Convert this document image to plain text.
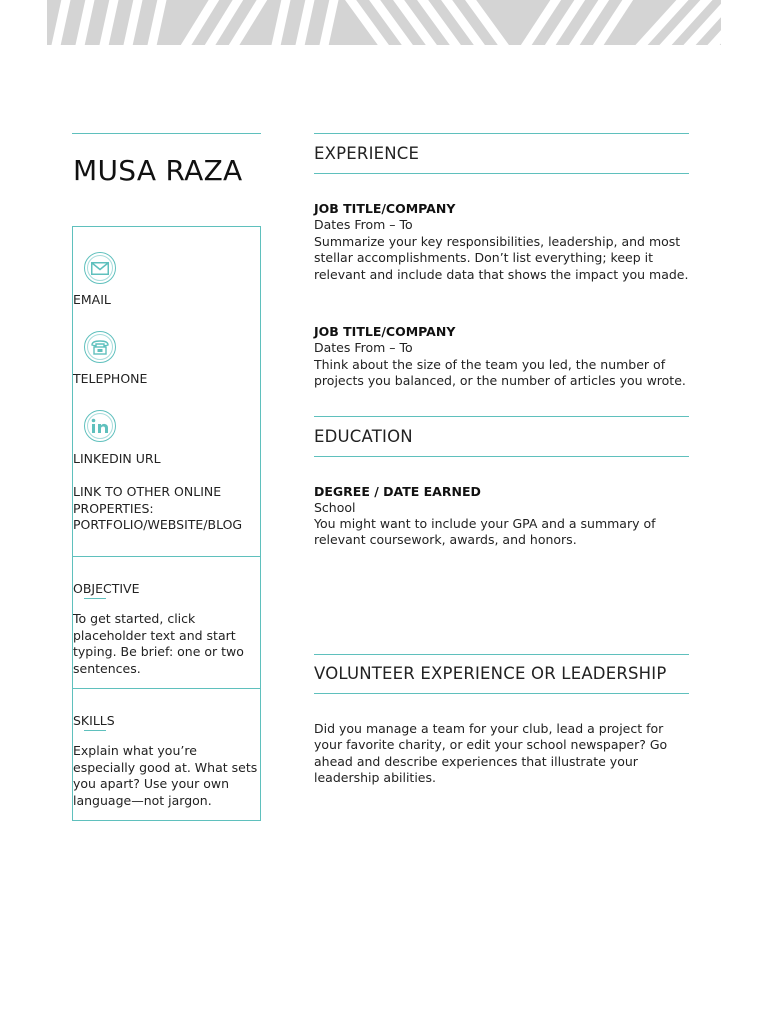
MUSA RAZA
EMAIL
TELEPHONE
LINKEDIN URL
LINK TO OTHER ONLINE PROPERTIES: PORTFOLIO/WEBSITE/BLOG
OBJECTIVE

To get started, click placeholder text and start typing. Be brief: one or two sentences.

SKILLS

Explain what you’re especially good at. What sets you apart? Use your own language—not jargon.

EXPERIENCE
JOB TITLE/COMPANY
Dates From – To

Summarize your key responsibilities, leadership, and most stellar accomplishments. Don’t list everything; keep it relevant and include data that shows the impact you made.

JOB TITLE/COMPANY
Dates From – To

Think about the size of the team you led, the number of projects you balanced, or the number of articles you wrote.

EDUCATION
DEGREE / DATE EARNED
School

You might want to include your GPA and a summary of relevant coursework, awards, and honors.

VOLUNTEER EXPERIENCE OR LEADERSHIP

Did you manage a team for your club, lead a project for your favorite charity, or edit your school newspaper? Go ahead and describe experiences that illustrate your leadership abilities.
